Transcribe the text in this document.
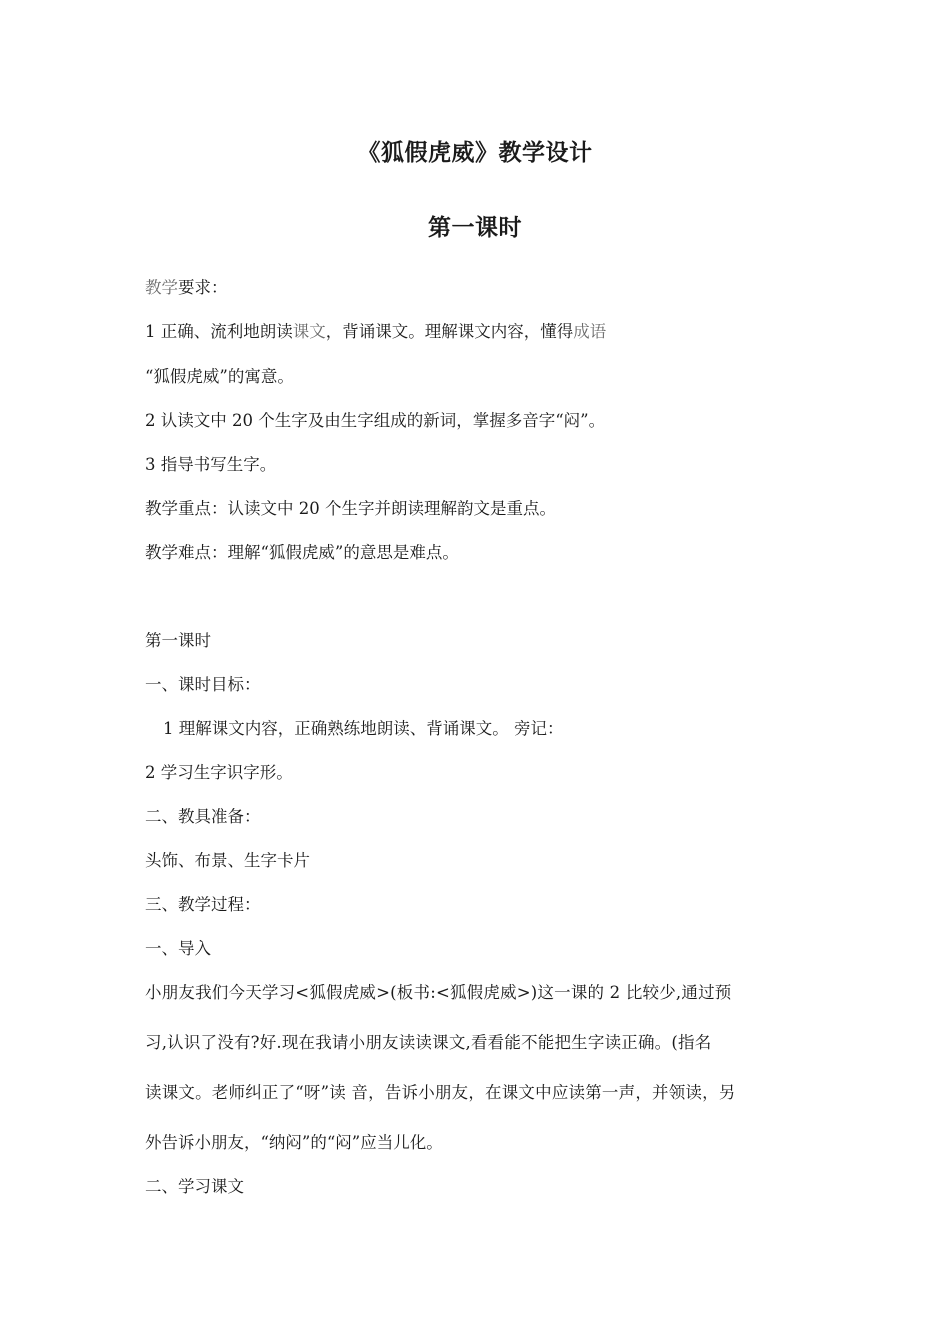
《狐假虎威》教学设计
第一课时
教学要求：
1 正确、流利地朗读课文，背诵课文。理解课文内容，懂得成语
“狐假虎威”的寓意。
2 认读文中 20 个生字及由生字组成的新词，掌握多音字“闷”。
3 指导书写生字。
教学重点：认读文中 20 个生字并朗读理解韵文是重点。
教学难点：理解“狐假虎威”的意思是难点。
第一课时
一、课时目标：
1 理解课文内容，正确熟练地朗读、背诵课文。 旁记：
2 学习生字识字形。
二、教具准备：
头饰、布景、生字卡片
三、教学过程：
一、导入
小朋友我们今天学习<狐假虎威>(板书:<狐假虎威>)这一课的 2 比较少,通过预
习,认识了没有?好.现在我请小朋友读读课文,看看能不能把生字读正确。(指名
读课文。老师纠正了“呀”读 音，告诉小朋友，在课文中应读第一声，并领读，另
外告诉小朋友，“纳闷”的“闷”应当儿化。
二、学习课文
